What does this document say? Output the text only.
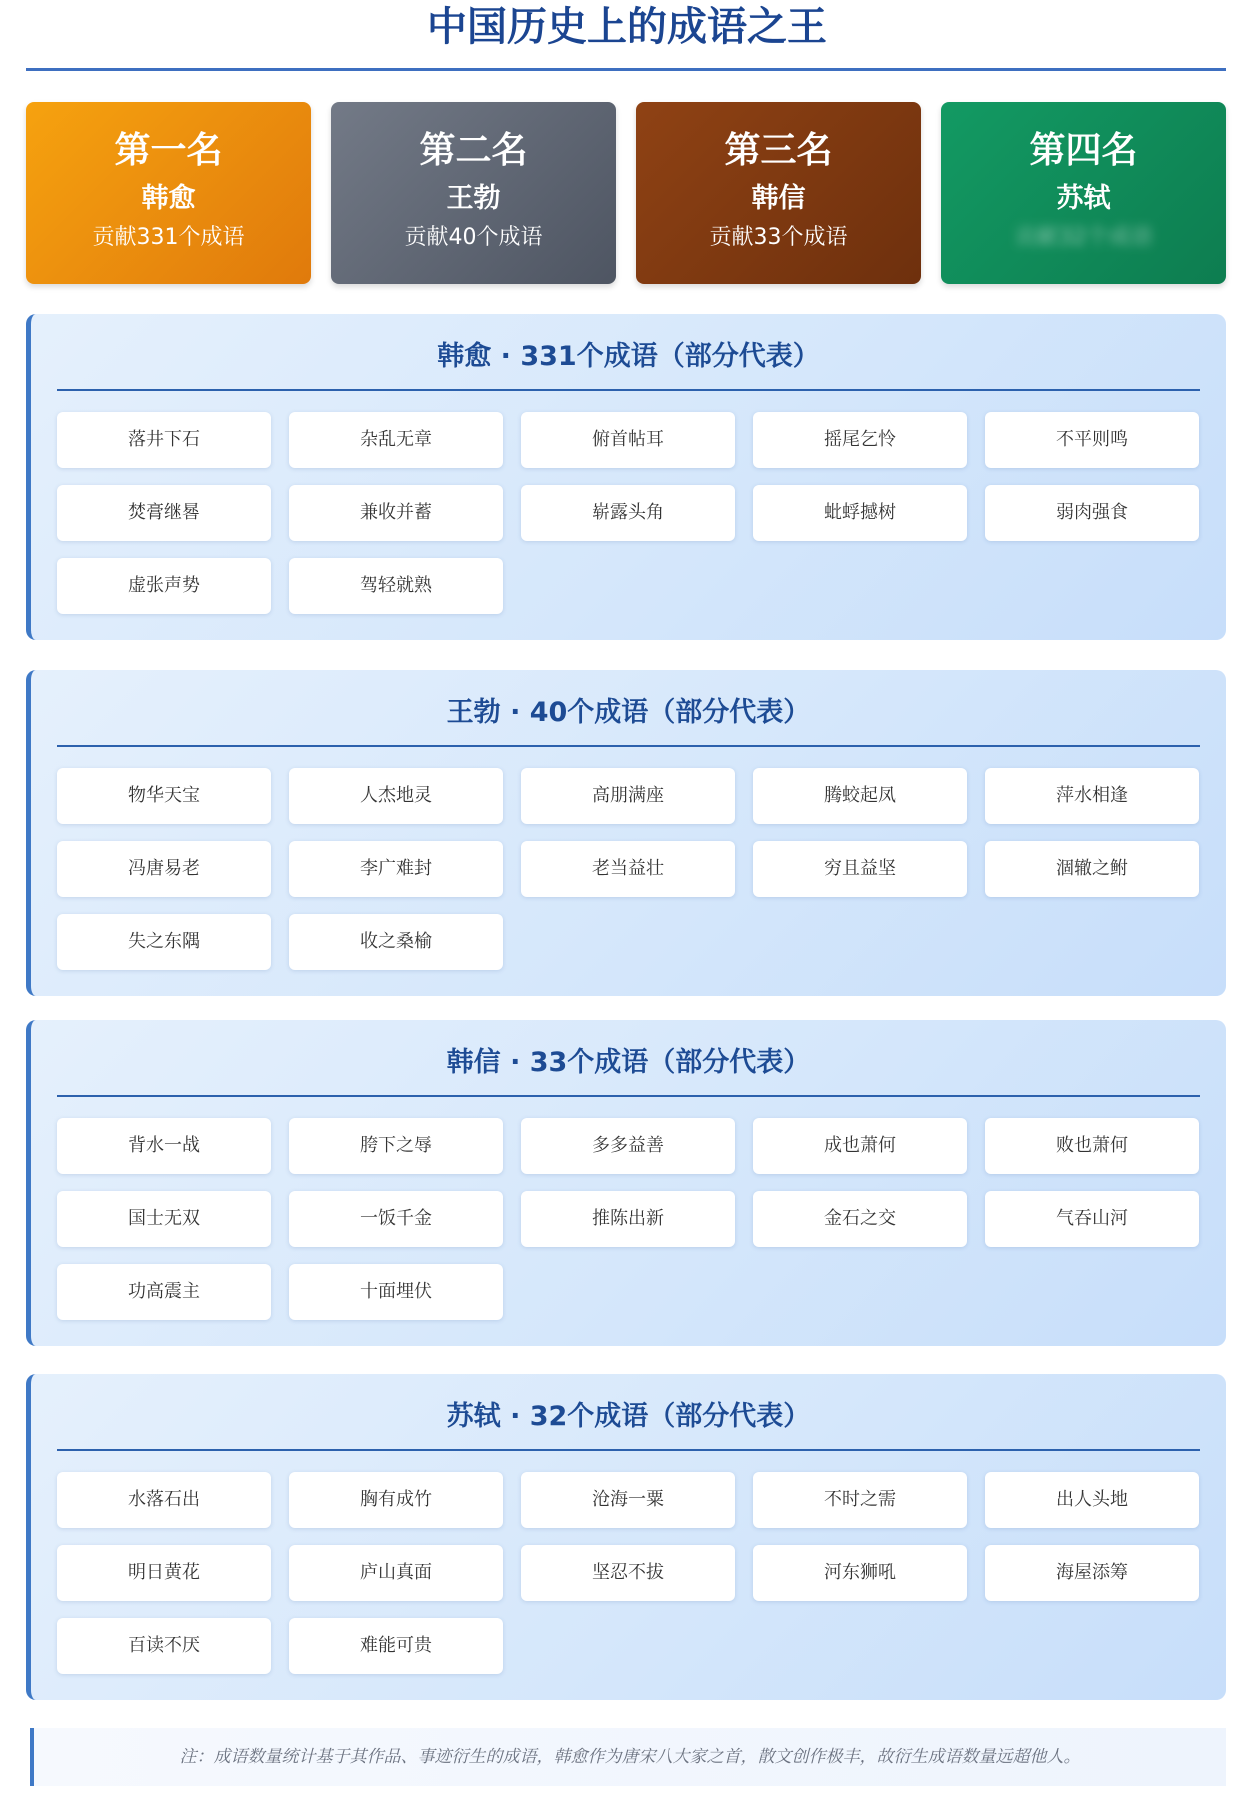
中国历史上的成语之王
第一名
韩愈
贡献331个成语
第二名
王勃
贡献40个成语
第三名
韩信
贡献33个成语
第四名
苏轼
贡献32个成语
韩愈 · 331个成语（部分代表）
落井下石	杂乱无章	俯首帖耳	摇尾乞怜	不平则鸣
焚膏继晷	兼收并蓄	崭露头角	蚍蜉撼树	弱肉强食
虚张声势	驾轻就熟
王勃 · 40个成语（部分代表）
物华天宝	人杰地灵	高朋满座	腾蛟起凤	萍水相逢
冯唐易老	李广难封	老当益壮	穷且益坚	涸辙之鲋
失之东隅	收之桑榆
韩信 · 33个成语（部分代表）
背水一战	胯下之辱	多多益善	成也萧何	败也萧何
国士无双	一饭千金	推陈出新	金石之交	气吞山河
功高震主	十面埋伏
苏轼 · 32个成语（部分代表）
水落石出	胸有成竹	沧海一粟	不时之需	出人头地
明日黄花	庐山真面	坚忍不拔	河东狮吼	海屋添筹
百读不厌	难能可贵
注：成语数量统计基于其作品、事迹衍生的成语，韩愈作为唐宋八大家之首，散文创作极丰，故衍生成语数量远超他人。
